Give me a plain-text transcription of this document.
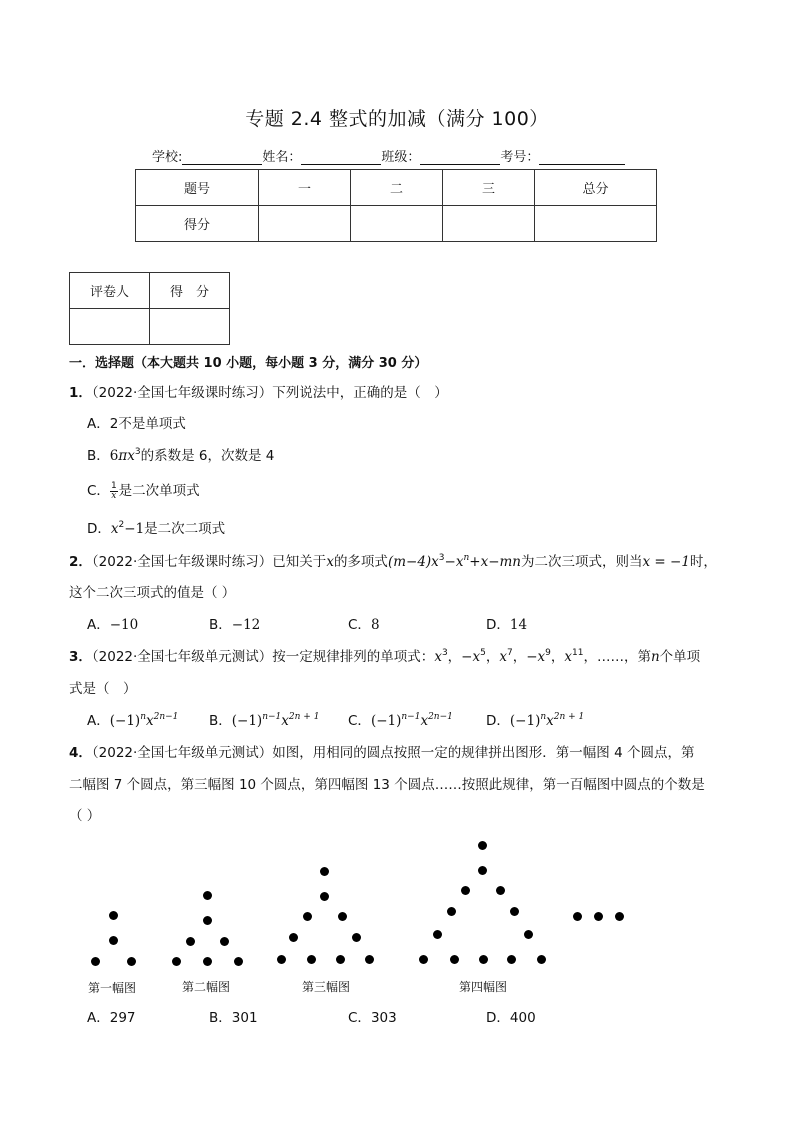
专题 2.4 整式的加减（满分 100）
学校:	姓名：	班级：	考号：
题号	一	二	三	总分
得分				
评卷人	得　分

一．选择题（本大题共 10 小题，每小题 3 分，满分 30 分）
1．（2022·全国七年级课时练习）下列说法中，正确的是（　）
A．2不是单项式
B．$6\pi x^3$的系数是 6，次数是 4
C． $\frac{1}{x}$ 是二次单项式
D．$x^2-1$是二次二项式
2．（2022·全国七年级课时练习）已知关于x的多项式$(m-4)x^3-x^n+x-mn$为二次三项式，则当x = −1时，
这个二次三项式的值是（ ）
A．−10	B．−12	C．8	D．14
3．（2022·全国七年级单元测试）按一定规律排列的单项式：$x^3$，$-x^5$，$x^7$，$-x^9$，$x^{11}$，……，第n个单项
式是（　）
A．$(-1)^nx^{2n-1}$ B．$(-1)^{n-1}x^{2n + 1}$ C．$(-1)^{n-1}x^{2n-1}$ D．$(-1)^nx^{2n + 1}$
4．（2022·全国七年级单元测试）如图，用相同的圆点按照一定的规律拼出图形．第一幅图 4 个圆点，第
二幅图 7 个圆点，第三幅图 10 个圆点，第四幅图 13 个圆点……按照此规律，第一百幅图中圆点的个数是
（ ）
第一幅图	第二幅图	第三幅图	第四幅图
A．297	B．301	C．303	D．400
